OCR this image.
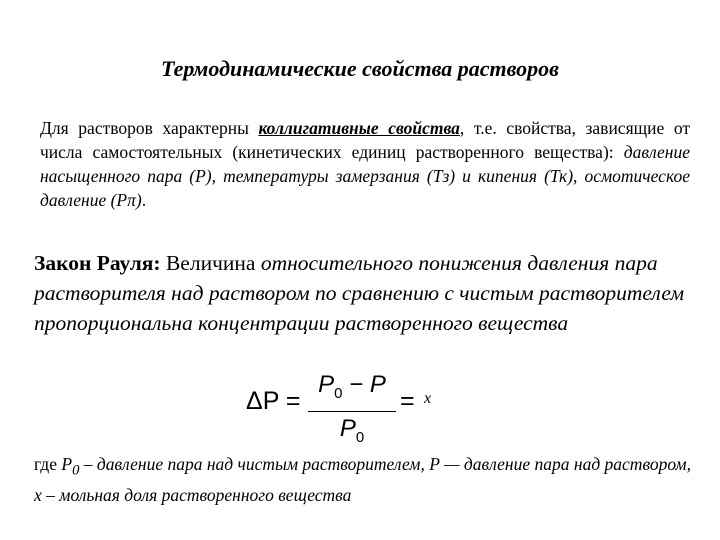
Термодинамические свойства растворов
Для растворов характерны коллигативные свойства, т.е. свойства, зависящие от числа самостоятельных (кинетических единиц растворенного вещества): давление насыщенного пара (Р), температуры замерзания (Тз) и кипения (Тк), осмотическое давление (Рπ).
Закон Рауля: Величина относительного понижения давления пара растворителя над раствором по сравнению с чистым растворителем пропорциональна концентрации растворенного вещества
ΔP =
$P_0 - P$
$P_0$
= x
где $P_0$ – давление пара над чистым растворителем, P — давление пара над раствором, x – мольная доля растворенного вещества
